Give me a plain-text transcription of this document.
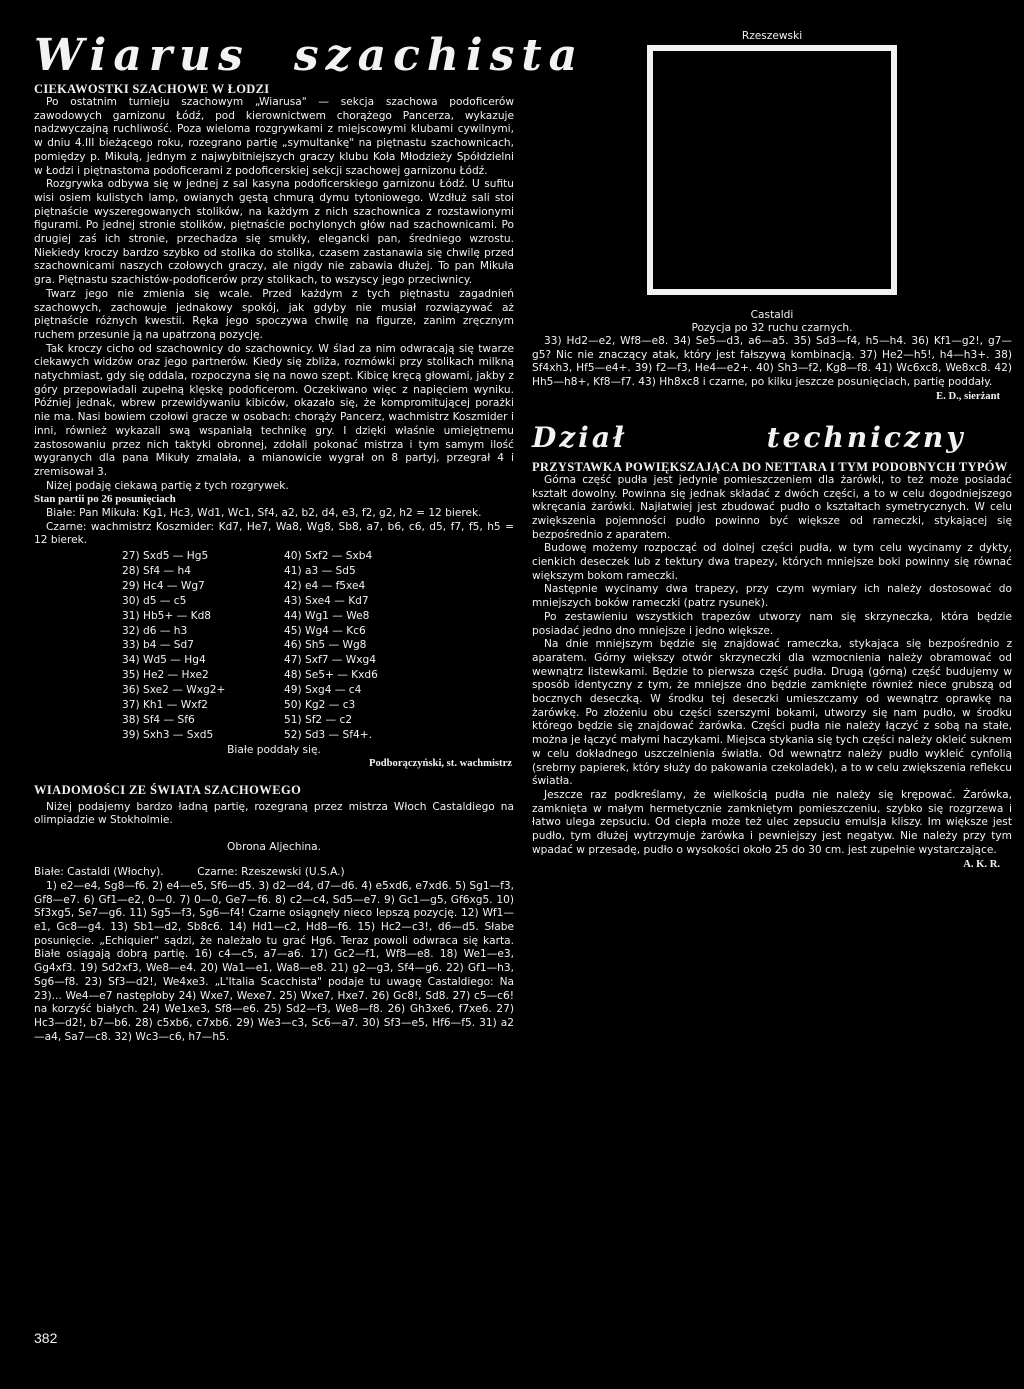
Wiarus szachista
CIEKAWOSTKI SZACHOWE W ŁODZI

Po ostatnim turnieju szachowym „Wiarusa" — sekcja szachowa podoficerów zawodowych garnizonu Łódź, pod kierownictwem chorążego Pancerza, wykazuje nadzwyczajną ruchliwość. Poza wieloma rozgrywkami z miejscowymi klubami cywilnymi, w dniu 4.III bieżącego roku, rozegrano partię „symultankę" na piętnastu szachownicach, pomiędzy p. Mikułą, jednym z najwybitniejszych graczy klubu Koła Młodzieży Spółdzielni w Łodzi i piętnastoma podoficerami z podoficerskiej sekcji szachowej garnizonu Łódź.

Rozgrywka odbywa się w jednej z sal kasyna podoficerskiego garnizonu Łódź. U sufitu wisi osiem kulistych lamp, owianych gęstą chmurą dymu tytoniowego. Wzdłuż sali stoi piętnaście wyszeregowanych stolików, na każdym z nich szachownica z rozstawionymi figurami. Po jednej stronie stolików, piętnaście pochylonych głów nad szachownicami. Po drugiej zaś ich stronie, przechadza się smukły, elegancki pan, średniego wzrostu. Niekiedy kroczy bardzo szybko od stolika do stolika, czasem zastanawia się chwilę przed szachownicami naszych czołowych graczy, ale nigdy nie zabawia dłużej. To pan Mikuła gra. Piętnastu szachistów-podoficerów przy stolikach, to wszyscy jego przeciwnicy.

Twarz jego nie zmienia się wcale. Przed każdym z tych piętnastu zagadnień szachowych, zachowuje jednakowy spokój, jak gdyby nie musiał rozwiązywać aż piętnaście różnych kwestii. Ręka jego spoczywa chwilę na figurze, zanim zręcznym ruchem przesunie ją na upatrzoną pozycję.

Tak kroczy cicho od szachownicy do szachownicy. W ślad za nim odwracają się twarze ciekawych widzów oraz jego partnerów. Kiedy się zbliża, rozmówki przy stolikach milkną natychmiast, gdy się oddala, rozpoczyna się na nowo szept. Kibicę kręcą głowami, jakby z góry przepowiadali zupełną klęskę podoficerom. Oczekiwano więc z napięciem wyniku. Później jednak, wbrew przewidywaniu kibiców, okazało się, że kompromitującej porażki nie ma. Nasi bowiem czołowi gracze w osobach: chorąży Pancerz, wachmistrz Koszmider i inni, również wykazali swą wspaniałą technikę gry. I dzięki właśnie umiejętnemu zastosowaniu przez nich taktyki obronnej, zdołali pokonać mistrza i tym samym ilość wygranych dla pana Mikuły zmalała, a mianowicie wygrał on 8 partyj, przegrał 4 i zremisował 3.

Niżej podaję ciekawą partię z tych rozgrywek.

Stan partii po 26 posunięciach

Białe: Pan Mikuła: Kg1, Hc3, Wd1, Wc1, Sf4, a2, b2, d4, e3, f2, g2, h2 = 12 bierek.

Czarne: wachmistrz Koszmider: Kd7, He7, Wa8, Wg8, Sb8, a7, b6, c6, d5, f7, f5, h5 = 12 bierek.

27) Sxd5 — Hg5	40) Sxf2 — Sxb4
28) Sf4 — h4	41) a3 — Sd5
29) Hc4 — Wg7	42) e4 — f5xe4
30) d5 — c5	43) Sxe4 — Kd7
31) Hb5+ — Kd8	44) Wg1 — We8
32) d6 — h3	45) Wg4 — Kc6
33) b4 — Sd7	46) Sh5 — Wg8
34) Wd5 — Hg4	47) Sxf7 — Wxg4
35) He2 — Hxe2	48) Se5+ — Kxd6
36) Sxe2 — Wxg2+	49) Sxg4 — c4
37) Kh1 — Wxf2	50) Kg2 — c3
38) Sf4 — Sf6	51) Sf2 — c2
39) Sxh3 — Sxd5	52) Sd3 — Sf4+.
Białe poddały się.
Podborączyński, st. wachmistrz
WIADOMOŚCI ZE ŚWIATA SZACHOWEGO

Niżej podajemy bardzo ładną partię, rozegraną przez mistrza Włoch Castaldiego na olimpiadzie w Stokholmie.

Obrona Aljechina.

Białe: Castaldi (Włochy).          Czarne: Rzeszewski (U.S.A.)

1) e2—e4, Sg8—f6. 2) e4—e5, Sf6—d5. 3) d2—d4, d7—d6. 4) e5xd6, e7xd6. 5) Sg1—f3, Gf8—e7. 6) Gf1—e2, 0—0. 7) 0—0, Ge7—f6. 8) c2—c4, Sd5—e7. 9) Gc1—g5, Gf6xg5. 10) Sf3xg5, Se7—g6. 11) Sg5—f3, Sg6—f4! Czarne osiągnęły nieco lepszą pozycję. 12) Wf1—e1, Gc8—g4. 13) Sb1—d2, Sb8c6. 14) Hd1—c2, Hd8—f6. 15) Hc2—c3!, d6—d5. Słabe posunięcie. „Echiquier" sądzi, że należało tu grać Hg6. Teraz powoli odwraca się karta. Białe osiągają dobrą partię. 16) c4—c5, a7—a6. 17) Gc2—f1, Wf8—e8. 18) We1—e3, Gg4xf3. 19) Sd2xf3, We8—e4. 20) Wa1—e1, Wa8—e8. 21) g2—g3, Sf4—g6. 22) Gf1—h3, Sg6—f8. 23) Sf3—d2!, We4xe3. „L'Italia Scacchista" podaje tu uwagę Castaldiego: Na 23)... We4—e7 następłoby 24) Wxe7, Wexe7. 25) Wxe7, Hxe7. 26) Gc8!, Sd8. 27) c5—c6! na korzyść białych. 24) We1xe3, Sf8—e6. 25) Sd2—f3, We8—f8. 26) Gh3xe6, f7xe6. 27) Hc3—d2!, b7—b6. 28) c5xb6, c7xb6. 29) We3—c3, Sc6—a7. 30) Sf3—e5, Hf6—f5. 31) a2—a4, Sa7—c8. 32) Wc3—c6, h7—h5.

Rzeszewski
Castaldi
Pozycja po 32 ruchu czarnych.

33) Hd2—e2, Wf8—e8. 34) Se5—d3, a6—a5. 35) Sd3—f4, h5—h4. 36) Kf1—g2!, g7—g5? Nic nie znaczący atak, który jest fałszywą kombinacją. 37) He2—h5!, h4—h3+. 38) Sf4xh3, Hf5—e4+. 39) f2—f3, He4—e2+. 40) Sh3—f2, Kg8—f8. 41) Wc6xc8, We8xc8. 42) Hh5—h8+, Kf8—f7. 43) Hh8xc8 i czarne, po kilku jeszcze posunięciach, partię poddały.

E. D., sierżant
Dział	techniczny
PRZYSTAWKA POWIĘKSZAJĄCA DO NETTARA I TYM PODOBNYCH TYPÓW

Górna część pudła jest jedynie pomieszczeniem dla żarówki, to też może posiadać kształt dowolny. Powinna się jednak składać z dwóch części, a to w celu dogodniejszego wkręcania żarówki. Najłatwiej jest zbudować pudło o kształtach symetrycznych. W celu zwiększenia pojemności pudło powinno być większe od rameczki, stykającej się bezpośrednio z aparatem.

Budowę możemy rozpocząć od dolnej części pudła, w tym celu wycinamy z dykty, cienkich deseczek lub z tektury dwa trapezy, których mniejsze boki powinny się równać większym bokom rameczki.

Następnie wycinamy dwa trapezy, przy czym wymiary ich należy dostosować do mniejszych boków rameczki (patrz rysunek).

Po zestawieniu wszystkich trapezów utworzy nam się skrzyneczka, która będzie posiadać jedno dno mniejsze i jedno większe.

Na dnie mniejszym będzie się znajdować rameczka, stykająca się bezpośrednio z aparatem. Górny większy otwór skrzyneczki dla wzmocnienia należy obramować od wewnątrz listewkami. Będzie to pierwsza część pudła. Drugą (górną) część budujemy w sposób identyczny z tym, że mniejsze dno będzie zamknięte również niece grubszą od bocznych deseczką. W środku tej deseczki umieszczamy od wewnątrz oprawkę na żarówkę. Po złożeniu obu części szerszymi bokami, utworzy się nam pudło, w środku którego będzie się znajdować żarówka. Części pudła nie należy łączyć z sobą na stałe, można je łączyć małymi haczykami. Miejsca stykania się tych części należy okleić suknem w celu dokładnego uszczelnienia światła. Od wewnątrz należy pudło wykleić cynfolią (srebrny papierek, który służy do pakowania czekoladek), a to w celu zwiększenia reflekсu światła.

Jeszcze raz podkreślamy, że wielkością pudła nie należy się krępować. Żarówka, zamknięta w małym hermetycznie zamkniętym pomieszczeniu, szybko się rozgrzewa i łatwo ulega zepsuciu. Od ciepła może też ulec zepsuciu emulsja kliszy. Im większe jest pudło, tym dłużej wytrzymuje żarówka i pewniejszy jest negatyw. Nie należy przy tym wpadać w przesadę, pudło o wysokości około 25 do 30 cm. jest zupełnie wystarczające.

A. K. R.
382
